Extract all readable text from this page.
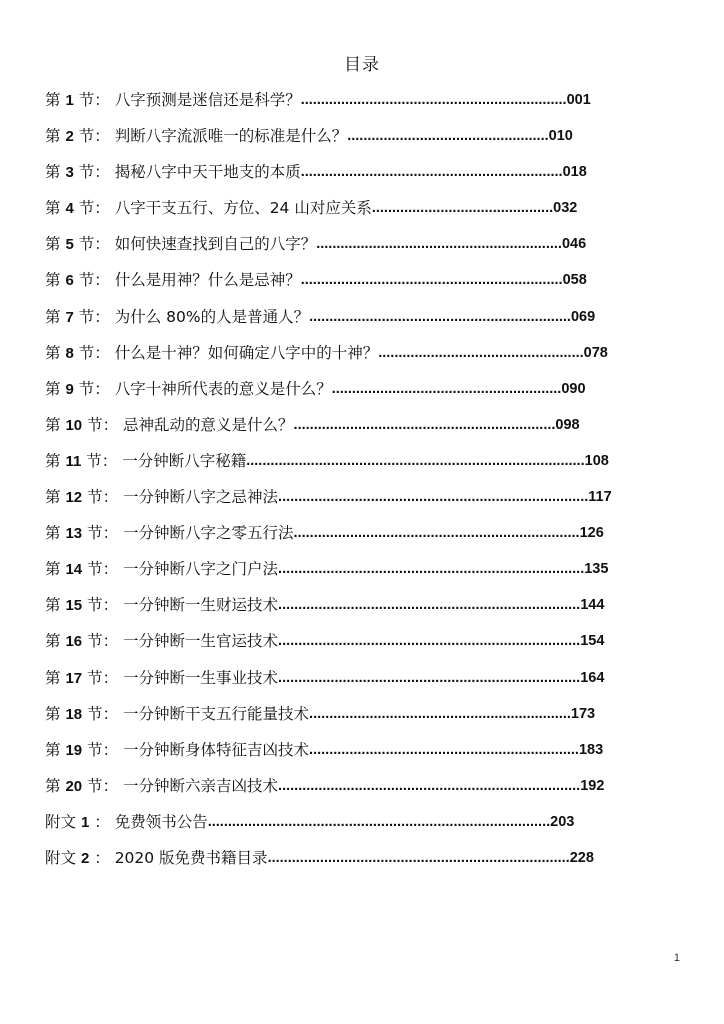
目录
第 1 节： 八字预测是迷信还是科学？..................................................................001
第 2 节： 判断八字流派唯一的标准是什么？..................................................010
第 3 节： 揭秘八字中天干地支的本质.................................................................018
第 4 节： 八字干支五行、方位、24 山对应关系.............................................032
第 5 节： 如何快速查找到自己的八字？.............................................................046
第 6 节： 什么是用神？什么是忌神？.................................................................058
第 7 节： 为什么 80%的人是普通人？.................................................................069
第 8 节： 什么是十神？如何确定八字中的十神？...................................................078
第 9 节： 八字十神所代表的意义是什么？.........................................................090
第 10 节： 忌神乱动的意义是什么？.................................................................098
第 11 节： 一分钟断八字秘籍....................................................................................108
第 12 节： 一分钟断八字之忌神法.............................................................................117
第 13 节： 一分钟断八字之零五行法.......................................................................126
第 14 节： 一分钟断八字之门户法............................................................................135
第 15 节： 一分钟断一生财运技术...........................................................................144
第 16 节： 一分钟断一生官运技术...........................................................................154
第 17 节： 一分钟断一生事业技术...........................................................................164
第 18 节： 一分钟断干支五行能量技术.................................................................173
第 19 节： 一分钟断身体特征吉凶技术...................................................................183
第 20 节： 一分钟断六亲吉凶技术...........................................................................192
附文 1 ： 免费领书公告.....................................................................................203
附文 2 ： 2020 版免费书籍目录...........................................................................228
1
